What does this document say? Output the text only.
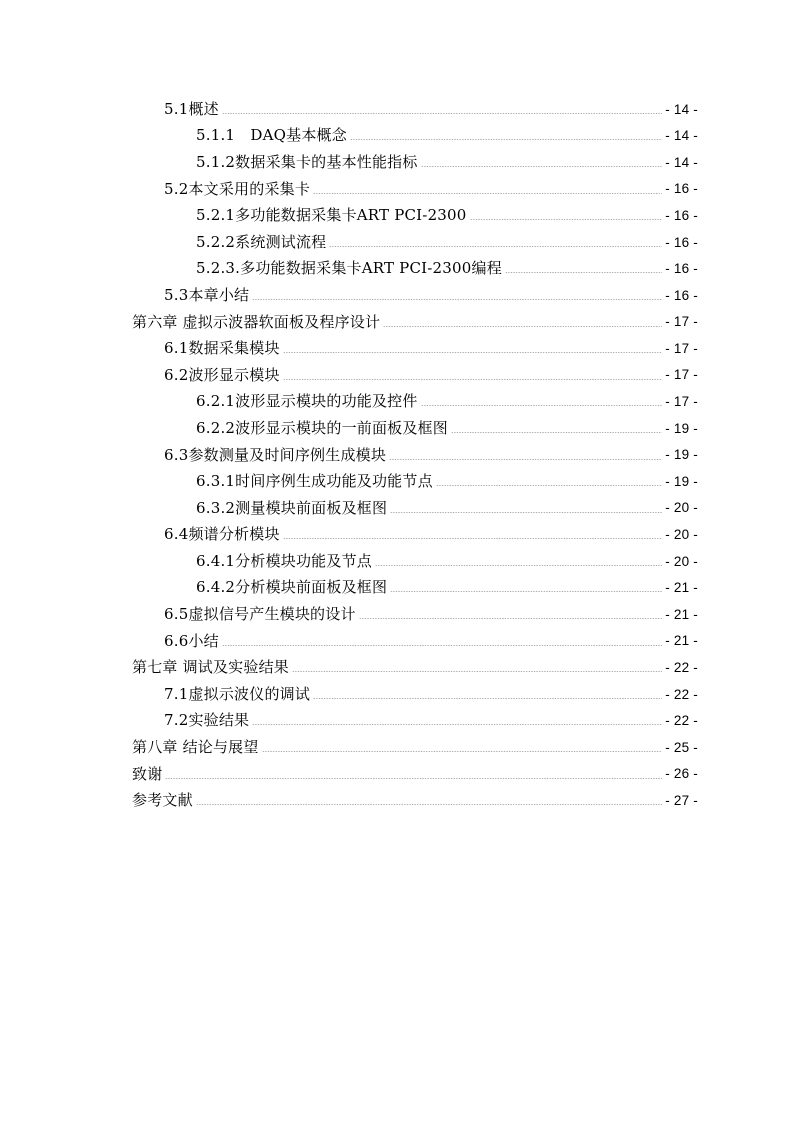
5.1概述	- 14 -
5.1.1　DAQ基本概念	- 14 -
5.1.2数据采集卡的基本性能指标	- 14 -
5.2本文采用的采集卡	- 16 -
5.2.1多功能数据采集卡ART PCI-2300	- 16 -
5.2.2系统测试流程	- 16 -
5.2.3.多功能数据采集卡ART PCI-2300编程	- 16 -
5.3本章小结	- 16 -
第六章 虚拟示波器软面板及程序设计	- 17 -
6.1数据采集模块	- 17 -
6.2波形显示模块	- 17 -
6.2.1波形显示模块的功能及控件	- 17 -
6.2.2波形显示模块的一前面板及框图	- 19 -
6.3参数测量及时间序例生成模块	- 19 -
6.3.1时间序例生成功能及功能节点	- 19 -
6.3.2测量模块前面板及框图	- 20 -
6.4频谱分析模块	- 20 -
6.4.1分析模块功能及节点	- 20 -
6.4.2分析模块前面板及框图	- 21 -
6.5虚拟信号产生模块的设计	- 21 -
6.6小结	- 21 -
第七章 调试及实验结果	- 22 -
7.1虚拟示波仪的调试	- 22 -
7.2实验结果	- 22 -
第八章 结论与展望	- 25 -
致谢	- 26 -
参考文献	- 27 -
